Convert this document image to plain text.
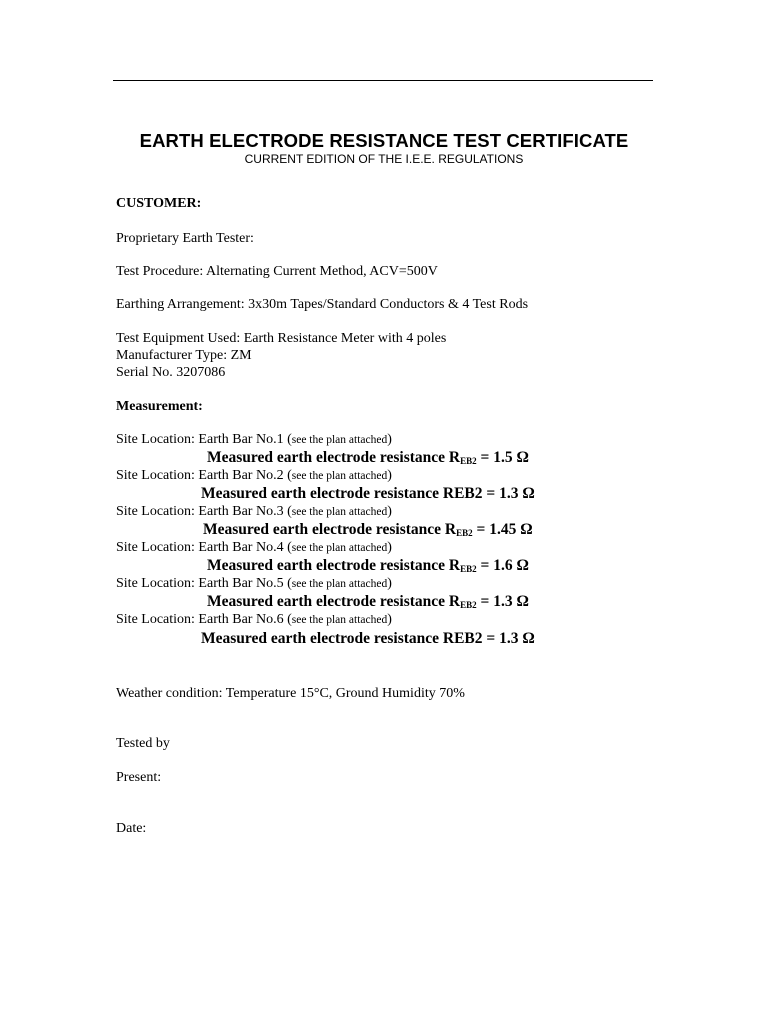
EARTH ELECTRODE RESISTANCE TEST CERTIFICATE
CURRENT EDITION OF THE I.E.E. REGULATIONS
CUSTOMER:
Proprietary Earth Tester:
Test Procedure: Alternating Current Method, ACV=500V
Earthing Arrangement: 3x30m Tapes/Standard Conductors & 4 Test Rods
Test Equipment Used: Earth Resistance Meter with 4 poles
Manufacturer Type: ZM
Serial No. 3207086
Measurement:
Site Location: Earth Bar No.1 (see the plan attached)
Measured earth electrode resistance $R_{EB2} = 1.5$ Ω
Site Location: Earth Bar No.2 (see the plan attached)
Measured earth electrode resistance REB2 = 1.3 Ω
Site Location: Earth Bar No.3 (see the plan attached)
Measured earth electrode resistance $R_{EB2} = 1.45$ Ω
Site Location: Earth Bar No.4 (see the plan attached)
Measured earth electrode resistance $R_{EB2} = 1.6$ Ω
Site Location: Earth Bar No.5 (see the plan attached)
Measured earth electrode resistance $R_{EB2} = 1.3$ Ω
Site Location: Earth Bar No.6 (see the plan attached)
Measured earth electrode resistance REB2 = 1.3 Ω
Weather condition: Temperature 15°C, Ground Humidity 70%
Tested by
Present:
Date:
